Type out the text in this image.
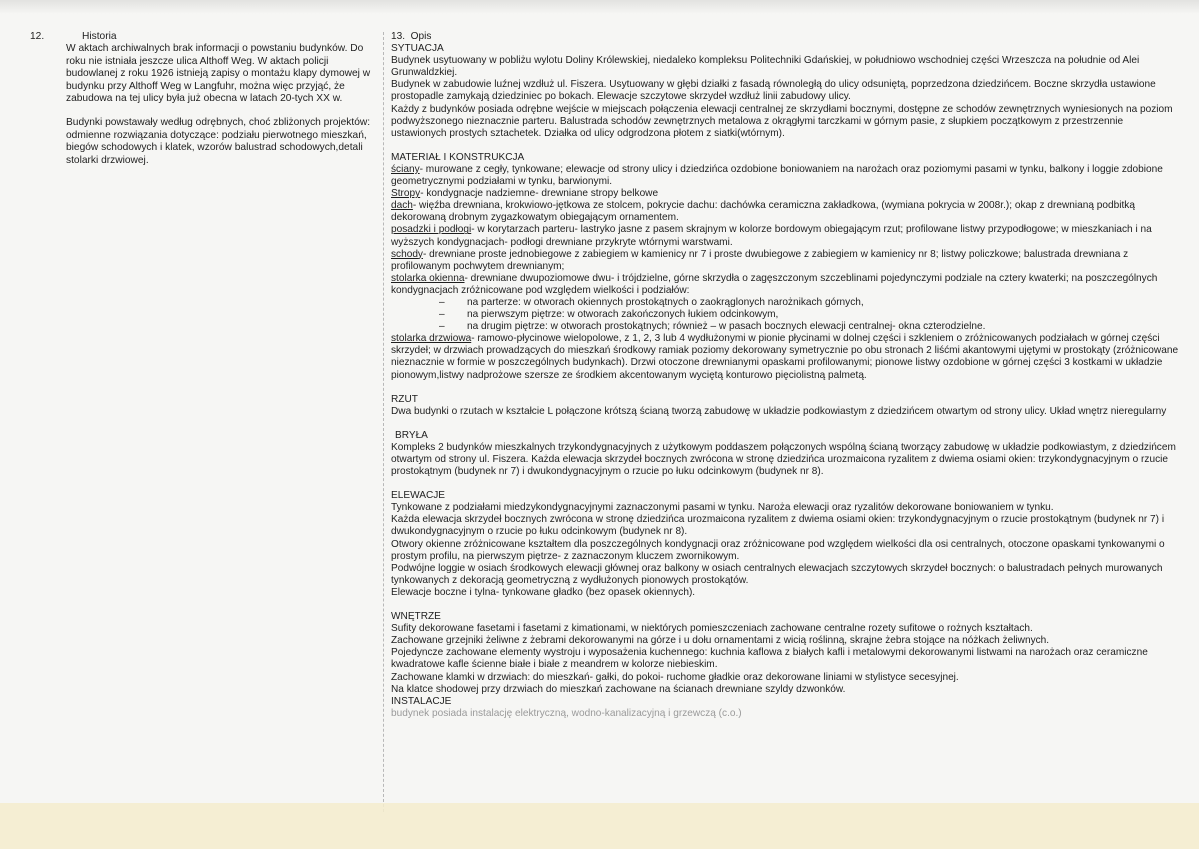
12.	Historia
W aktach archiwalnych brak informacji o powstaniu budynków. Do roku nie istniała jeszcze ulica Althoff Weg. W aktach policji budowlanej z roku 1926 istnieją zapisy o montażu klapy dymowej w budynku przy Althoff Weg w Langfuhr, można więc przyjąć, że zabudowa na tej ulicy była już obecna w latach 20-tych XX w.
Budynki powstawały według odrębnych, choć zbliżonych projektów: odmienne rozwiązania dotyczące: podziału pierwotnego mieszkań, biegów schodowych i klatek, wzorów balustrad schodowych,detali stolarki drzwiowej.
13. Opis

SYTUACJA

Budynek usytuowany w pobliżu wylotu Doliny Królewskiej, niedaleko kompleksu Politechniki Gdańskiej, w południowo wschodniej części Wrzeszcza na południe od Alei Grunwaldzkiej.

Budynek w zabudowie luźnej wzdłuż ul. Fiszera. Usytuowany w głębi działki z fasadą równoległą do ulicy odsuniętą, poprzedzona dziedzińcem. Boczne skrzydła ustawione prostopadle zamykają dziedziniec po bokach. Elewacje szczytowe skrzydeł wzdłuż linii zabudowy ulicy.

Każdy z budynków posiada odrębne wejście w miejscach połączenia elewacji centralnej ze skrzydłami bocznymi, dostępne ze schodów zewnętrznych wyniesionych na poziom podwyższonego nieznacznie parteru. Balustrada schodów zewnętrznych metalowa z okrągłymi tarczkami w górnym pasie, z słupkiem początkowym z przestrzennie ustawionych prostych sztachetek. Działka od ulicy odgrodzona płotem z siatki(wtórnym).

MATERIAŁ I KONSTRUKCJA

ściany- murowane z cegły, tynkowane; elewacje od strony ulicy i dziedzińca ozdobione boniowaniem na narożach oraz poziomymi pasami w tynku, balkony i loggie zdobione geometrycznymi podziałami w tynku, barwionymi.

Stropy- kondygnacje nadziemne- drewniane stropy belkowe

dach- więźba drewniana, krokwiowo-jętkowa ze stolcem, pokrycie dachu: dachówka ceramiczna zakładkowa, (wymiana pokrycia w 2008r.); okap z drewnianą podbitką dekorowaną drobnym zygazkowatym obiegającym ornamentem.

posadzki i podłogi- w korytarzach parteru- lastryko jasne z pasem skrajnym w kolorze bordowym obiegającym rzut; profilowane listwy przypodłogowe; w mieszkaniach i na wyższych kondygnacjach- podłogi drewniane przykryte wtórnymi warstwami.

schody- drewniane proste jednobiegowe z zabiegiem w kamienicy nr 7 i proste dwubiegowe z zabiegiem w kamienicy nr 8; listwy policzkowe; balustrada drewniana z profilowanym pochwytem drewnianym;

stolarka okienna- drewniane dwupoziomowe dwu- i trójdzielne, górne skrzydła o zagęszczonym szczeblinami pojedynczymi podziale na cztery kwaterki; na poszczególnych kondygnacjach zróżnicowane pod względem wielkości i podziałów:

–	na parterze: w otworach okiennych prostokątnych o zaokrąglonych narożnikach górnych,
–	na pierwszym piętrze: w otworach zakończonych łukiem odcinkowym,
–	na drugim piętrze: w otworach prostokątnych; również – w pasach bocznych elewacji centralnej- okna czterodzielne.

stolarka drzwiowa- ramowo-płycinowe wielopolowe, z 1, 2, 3 lub 4 wydłużonymi w pionie płycinami w dolnej części i szkleniem o zróżnicowanych podziałach w górnej części skrzydeł; w drzwiach prowadzących do mieszkań środkowy ramiak poziomy dekorowany symetrycznie po obu stronach 2 liśćmi akantowymi ujętymi w prostokąty (zróżnicowane nieznacznie w formie w poszczególnych budynkach). Drzwi otoczone drewnianymi opaskami profilowanymi; pionowe listwy ozdobione w górnej części 3 kostkami w układzie pionowym,listwy nadprożowe szersze ze środkiem akcentowanym wyciętą konturowo pięciolistną palmetą.

RZUT

Dwa budynki o rzutach w kształcie L połączone krótszą ścianą tworzą zabudowę w układzie podkowiastym z dziedzińcem otwartym od strony ulicy. Układ wnętrz nieregularny

BRYŁA

Kompleks 2 budynków mieszkalnych trzykondygnacyjnych z użytkowym poddaszem połączonych wspólną ścianą tworzący zabudowę w układzie podkowiastym, z dziedzińcem otwartym od strony ul. Fiszera. Każda elewacja skrzydeł bocznych zwrócona w stronę dziedzińca urozmaicona ryzalitem z dwiema osiami okien: trzykondygnacyjnym o rzucie prostokątnym (budynek nr 7) i dwukondygnacyjnym o rzucie po łuku odcinkowym (budynek nr 8).

ELEWACJE

Tynkowane z podziałami miedzykondygnacyjnymi zaznaczonymi pasami w tynku. Naroża elewacji oraz ryzalitów dekorowane boniowaniem w tynku.

Każda elewacja skrzydeł bocznych zwrócona w stronę dziedzińca urozmaicona ryzalitem z dwiema osiami okien: trzykondygnacyjnym o rzucie prostokątnym (budynek nr 7) i dwukondygnacyjnym o rzucie po łuku odcinkowym (budynek nr 8).

Otwory okienne zróżnicowane kształtem dla poszczególnych kondygnacji oraz zróżnicowane pod względem wielkości dla osi centralnych, otoczone opaskami tynkowanymi o prostym profilu, na pierwszym piętrze- z zaznaczonym kluczem zwornikowym.

Podwójne loggie w osiach środkowych elewacji głównej oraz balkony w osiach centralnych elewacjach szczytowych skrzydeł bocznych: o balustradach pełnych murowanych tynkowanych z dekoracją geometryczną z wydłużonych pionowych prostokątów.

Elewacje boczne i tylna- tynkowane gładko (bez opasek okiennych).

WNĘTRZE

Sufity dekorowane fasetami i fasetami z kimationami, w niektórych pomieszczeniach zachowane centralne rozety sufitowe o rożnych kształtach.

Zachowane grzejniki żeliwne z żebrami dekorowanymi na górze i u dołu ornamentami z wicią roślinną, skrajne żebra stojące na nóżkach żeliwnych.

Pojedyncze zachowane elementy wystroju i wyposażenia kuchennego: kuchnia kaflowa z białych kafli i metalowymi dekorowanymi listwami na narożach oraz ceramiczne kwadratowe kafle ścienne białe i białe z meandrem w kolorze niebieskim.

Zachowane klamki w drzwiach: do mieszkań- gałki, do pokoi- ruchome gładkie oraz dekorowane liniami w stylistyce secesyjnej.

Na klatce shodowej przy drzwiach do mieszkań zachowane na ścianach drewniane szyldy dzwonków.

INSTALACJE

budynek posiada instalację elektryczną, wodno-kanalizacyjną i grzewczą (c.o.)
